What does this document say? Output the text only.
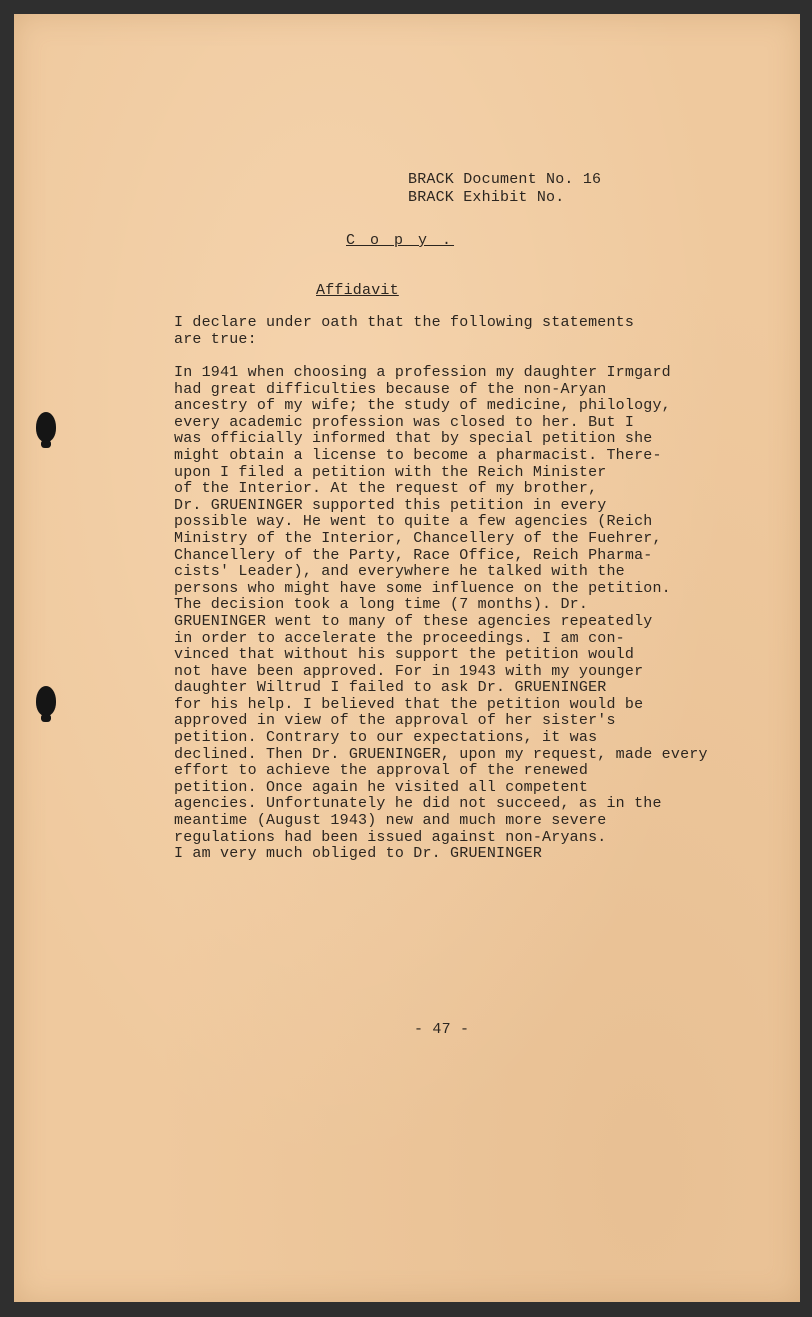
BRACK Document No. 16
BRACK Exhibit No.
C o p y .
Affidavit
I declare under oath that the following statements
are true:
In 1941 when choosing a profession my daughter Irmgard
had great difficulties because of the non-Aryan
ancestry of my wife; the study of medicine, philology,
every academic profession was closed to her. But I
was officially informed that by special petition she
might obtain a license to become a pharmacist. There-
upon I filed a petition with the Reich Minister
of the Interior. At the request of my brother,
Dr. GRUENINGER supported this petition in every
possible way. He went to quite a few agencies (Reich
Ministry of the Interior, Chancellery of the Fuehrer,
Chancellery of the Party, Race Office, Reich Pharma-
cists' Leader), and everywhere he talked with the
persons who might have some influence on the petition.
The decision took a long time (7 months). Dr.
GRUENINGER went to many of these agencies repeatedly
in order to accelerate the proceedings. I am con-
vinced that without his support the petition would
not have been approved. For in 1943 with my younger
daughter Wiltrud I failed to ask Dr. GRUENINGER
for his help. I believed that the petition would be
approved in view of the approval of her sister's
petition. Contrary to our expectations, it was
declined. Then Dr. GRUENINGER, upon my request, made every
effort to achieve the approval of the renewed
petition. Once again he visited all competent
agencies. Unfortunately he did not succeed, as in the
meantime (August 1943) new and much more severe
regulations had been issued against non-Aryans.
I am very much obliged to Dr. GRUENINGER
- 47 -
